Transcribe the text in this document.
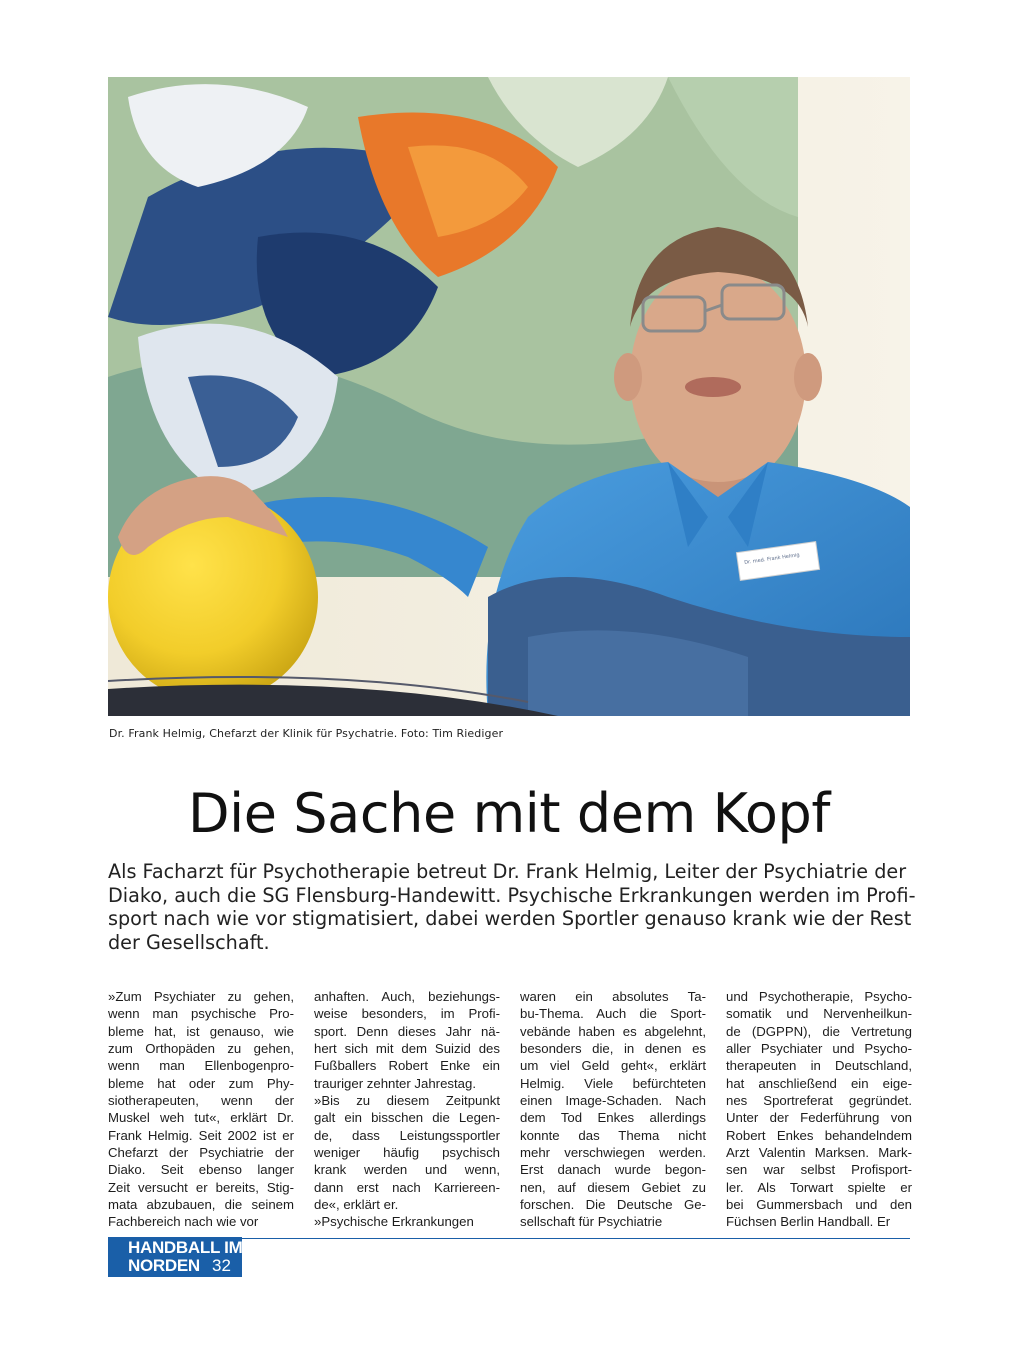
Dr. med. Frank Helmig
Dr. Frank Helmig, Chefarzt der Klinik für Psychatrie. Foto: Tim Riediger
Die Sache mit dem Kopf
Als Facharzt für Psychotherapie betreut Dr. Frank Helmig, Leiter der Psychiatrie der
Diako, auch die SG Flensburg-Handewitt. Psychische Erkrankungen werden im Profi-
sport nach wie vor stigmatisiert, dabei werden Sportler genauso krank wie der Rest
der Gesellschaft.
»Zum Psychiater zu gehen,
wenn man psychische Pro-
bleme hat, ist genauso, wie
zum Orthopäden zu gehen,
wenn man Ellenbogenpro-
bleme hat oder zum Phy-
siotherapeuten, wenn der
Muskel weh tut«, erklärt Dr.
Frank Helmig. Seit 2002 ist er
Chefarzt der Psychiatrie der
Diako. Seit ebenso langer
Zeit versucht er bereits, Stig-
mata abzubauen, die seinem
Fachbereich nach wie vor
anhaften. Auch, beziehungs-
weise besonders, im Profi-
sport. Denn dieses Jahr nä-
hert sich mit dem Suizid des
Fußballers Robert Enke ein
trauriger zehnter Jahrestag.
»Bis zu diesem Zeitpunkt
galt ein bisschen die Legen-
de, dass Leistungssportler
weniger häufig psychisch
krank werden und wenn,
dann erst nach Karriereen-
de«, erklärt er.
»Psychische Erkrankungen
waren ein absolutes Ta-
bu-Thema. Auch die Sport-
vebände haben es abgelehnt,
besonders die, in denen es
um viel Geld geht«, erklärt
Helmig. Viele befürchteten
einen Image-Schaden. Nach
dem Tod Enkes allerdings
konnte das Thema nicht
mehr verschwiegen werden.
Erst danach wurde begon-
nen, auf diesem Gebiet zu
forschen. Die Deutsche Ge-
sellschaft für Psychiatrie
und Psychotherapie, Psycho-
somatik und Nervenheilkun-
de (DGPPN), die Vertretung
aller Psychiater und Psycho-
therapeuten in Deutschland,
hat anschließend ein eige-
nes Sportreferat gegründet.
Unter der Federführung von
Robert Enkes behandelndem
Arzt Valentin Marksen. Mark-
sen war selbst Profisport-
ler. Als Torwart spielte er
bei Gummersbach und den
Füchsen Berlin Handball. Er
HANDBALL IM
NORDEN 32
